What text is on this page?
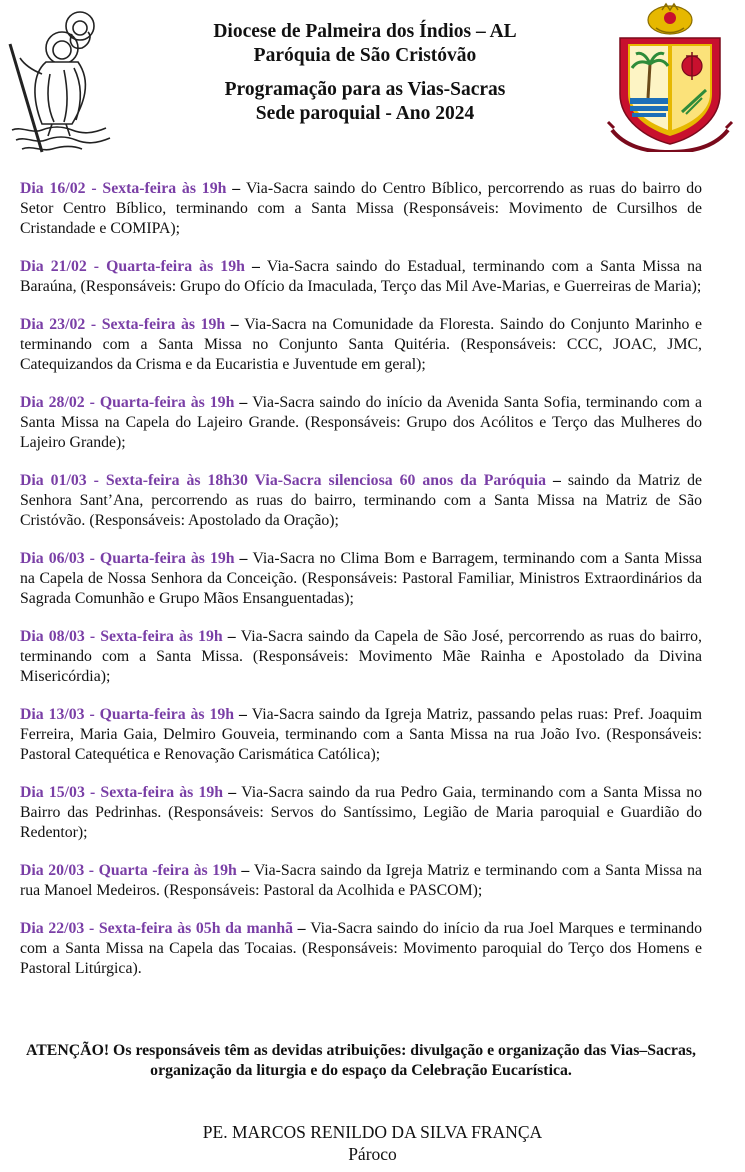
Diocese de Palmeira dos Índios – AL
Paróquia de São Cristóvão
Programação para as Vias-Sacras
Sede paroquial - Ano 2024

Dia 16/02 - Sexta-feira às 19h – Via-Sacra saindo do Centro Bíblico, percorrendo as ruas do bairro do Setor Centro Bíblico, terminando com a Santa Missa (Responsáveis: Movimento de Cursilhos de Cristandade e COMIPA);

Dia 21/02 - Quarta-feira às 19h – Via-Sacra saindo do Estadual, terminando com a Santa Missa na Baraúna, (Responsáveis: Grupo do Ofício da Imaculada, Terço das Mil Ave-Marias, e Guerreiras de Maria);

Dia 23/02 - Sexta-feira às 19h – Via-Sacra na Comunidade da Floresta. Saindo do Conjunto Marinho e terminando com a Santa Missa no Conjunto Santa Quitéria. (Responsáveis: CCC, JOAC, JMC, Catequizandos da Crisma e da Eucaristia e Juventude em geral);

Dia 28/02 - Quarta-feira às 19h – Via-Sacra saindo do início da Avenida Santa Sofia, terminando com a Santa Missa na Capela do Lajeiro Grande. (Responsáveis: Grupo dos Acólitos e Terço das Mulheres do Lajeiro Grande);

Dia 01/03 - Sexta-feira às 18h30 Via-Sacra silenciosa 60 anos da Paróquia – saindo da Matriz de Senhora Sant’Ana, percorrendo as ruas do bairro, terminando com a Santa Missa na Matriz de São Cristóvão. (Responsáveis: Apostolado da Oração);

Dia 06/03 - Quarta-feira às 19h – Via-Sacra no Clima Bom e Barragem, terminando com a Santa Missa na Capela de Nossa Senhora da Conceição. (Responsáveis: Pastoral Familiar, Ministros Extraordinários da Sagrada Comunhão e Grupo Mãos Ensanguentadas);

Dia 08/03 - Sexta-feira às 19h – Via-Sacra saindo da Capela de São José, percorrendo as ruas do bairro, terminando com a Santa Missa. (Responsáveis: Movimento Mãe Rainha e Apostolado da Divina Misericórdia);

Dia 13/03 - Quarta-feira às 19h – Via-Sacra saindo da Igreja Matriz, passando pelas ruas: Pref. Joaquim Ferreira, Maria Gaia, Delmiro Gouveia, terminando com a Santa Missa na rua João Ivo. (Responsáveis: Pastoral Catequética e Renovação Carismática Católica);

Dia 15/03 - Sexta-feira às 19h – Via-Sacra saindo da rua Pedro Gaia, terminando com a Santa Missa no Bairro das Pedrinhas. (Responsáveis: Servos do Santíssimo, Legião de Maria paroquial e Guardião do Redentor);

Dia 20/03 - Quarta -feira às 19h – Via-Sacra saindo da Igreja Matriz e terminando com a Santa Missa na rua Manoel Medeiros. (Responsáveis: Pastoral da Acolhida e PASCOM);

Dia 22/03 - Sexta-feira às 05h da manhã – Via-Sacra saindo do início da rua Joel Marques e terminando com a Santa Missa na Capela das Tocaias. (Responsáveis: Movimento paroquial do Terço dos Homens e Pastoral Litúrgica).

ATENÇÃO! Os responsáveis têm as devidas atribuições: divulgação e organização das Vias–Sacras, organização da liturgia e do espaço da Celebração Eucarística.
PE. MARCOS RENILDO DA SILVA FRANÇA
Pároco
